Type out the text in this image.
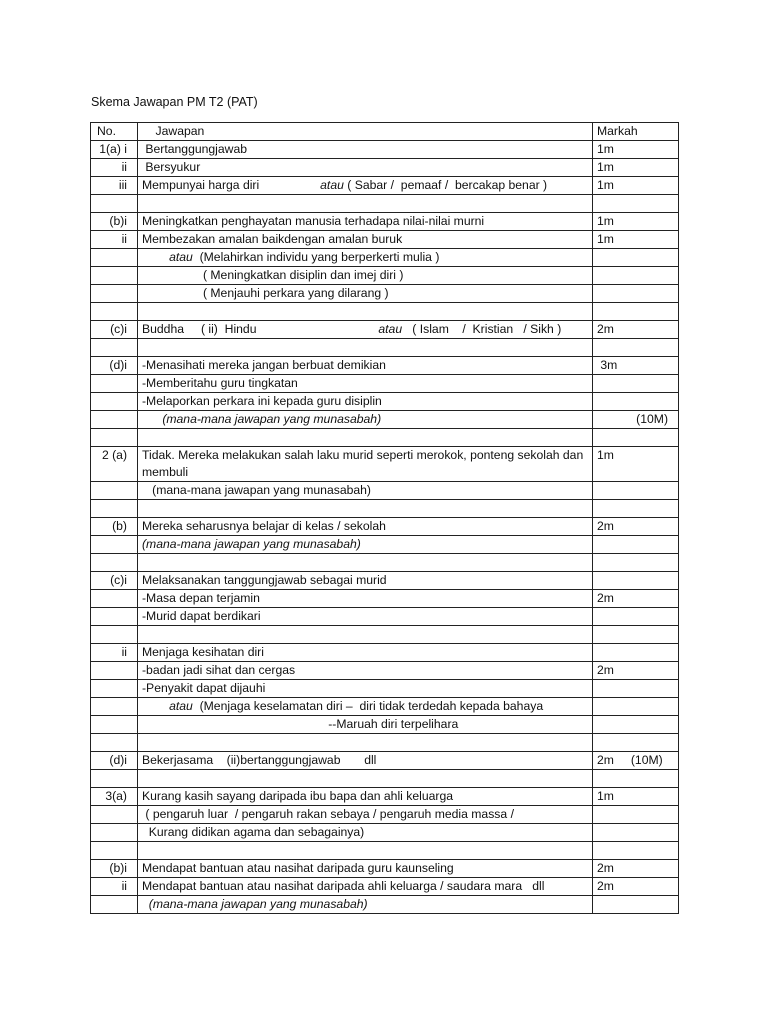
Skema Jawapan PM T2 (PAT)
No.	Jawapan	Markah
1(a) i	Bertanggungjawab	1m
ii	Bersyukur	1m
iii	Mempunyai harga diri                  atau ( Sabar /  pemaaf /  bercakap benar )	1m

(b)i	Meningkatkan penghayatan manusia terhadapa nilai-nilai murni	1m
ii	Membezakan amalan baikdengan amalan buruk	1m
	atau  (Melahirkan individu yang berperkerti mulia )	
	( Meningkatkan disiplin dan imej diri )	
	( Menjauhi perkara yang dilarang )	

(c)i	Buddha     ( ii)  Hindu                                    atau   ( Islam    /  Kristian   / Sikh )	2m

(d)i	-Menasihati mereka jangan berbuat demikian	3m
	-Memberitahu guru tingkatan	
	-Melaporkan perkara ini kepada guru disiplin	
	(mana-mana jawapan yang munasabah)	(10M)

2 (a)	Tidak. Mereka melakukan salah laku murid seperti merokok, ponteng sekolah dan membuli	1m
	(mana-mana jawapan yang munasabah)	

(b)	Mereka seharusnya belajar di kelas / sekolah	2m
	(mana-mana jawapan yang munasabah)	

(c)i	Melaksanakan tanggungjawab sebagai murid	
	-Masa depan terjamin	2m
	-Murid dapat berdikari	

ii	Menjaga kesihatan diri	
	-badan jadi sihat dan cergas	2m
	-Penyakit dapat dijauhi	
	atau  (Menjaga keselamatan diri –  diri tidak terdedah kepada bahaya	
	--Maruah diri terpelihara	

(d)i	Bekerjasama    (ii)bertanggungjawab       dll	2m     (10M)

3(a)	Kurang kasih sayang daripada ibu bapa dan ahli keluarga	1m
	( pengaruh luar  / pengaruh rakan sebaya / pengaruh media massa /	
	Kurang didikan agama dan sebagainya)	

(b)i	Mendapat bantuan atau nasihat daripada guru kaunseling	2m
ii	Mendapat bantuan atau nasihat daripada ahli keluarga / saudara mara   dll	2m
	(mana-mana jawapan yang munasabah)	
